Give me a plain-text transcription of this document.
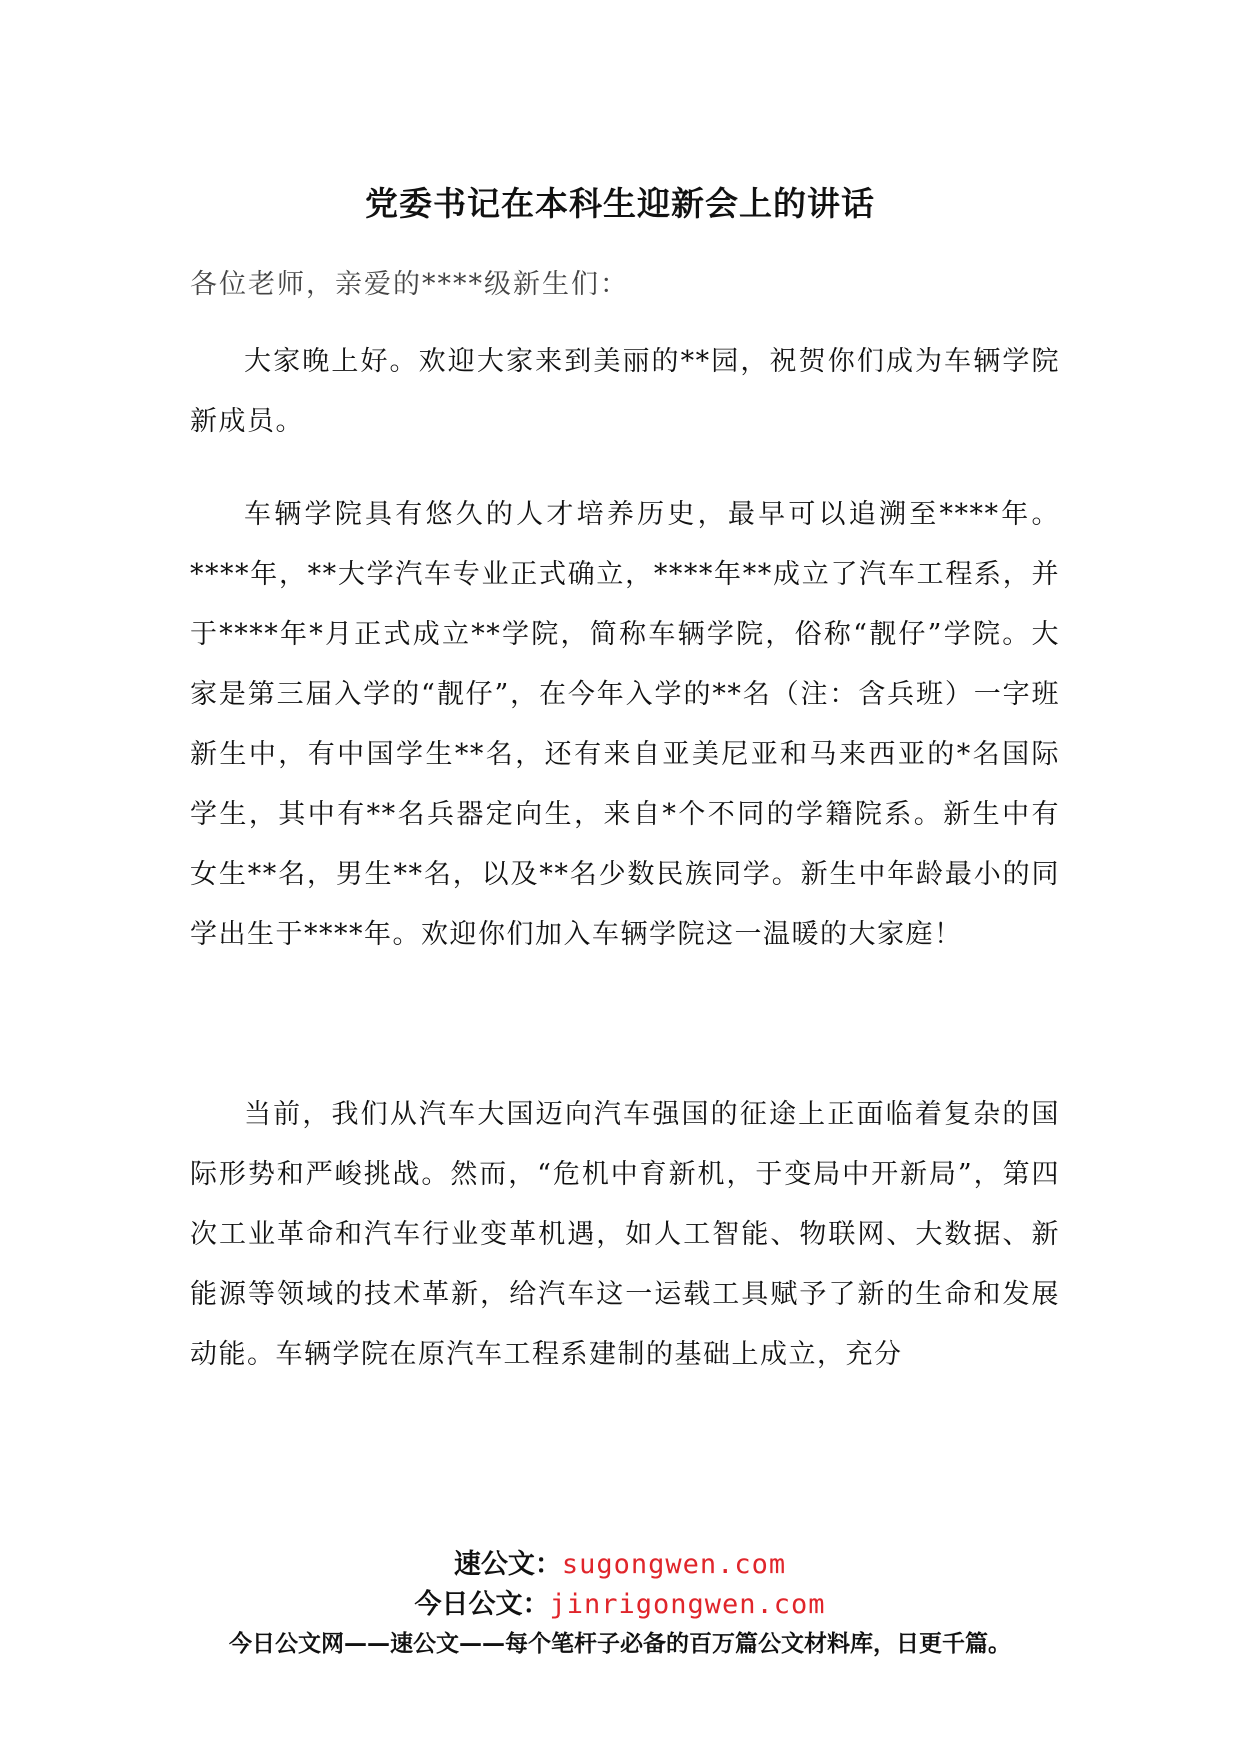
党委书记在本科生迎新会上的讲话
各位老师，亲爱的****级新生们：

大家晚上好。欢迎大家来到美丽的**园，祝贺你们成为车辆学院新成员。

车辆学院具有悠久的人才培养历史，最早可以追溯至****年。****年，**大学汽车专业正式确立，****年**成立了汽车工程系，并于****年*月正式成立**学院，简称车辆学院，俗称“靓仔”学院。大家是第三届入学的“靓仔”，在今年入学的**名（注：含兵班）一字班新生中，有中国学生**名，还有来自亚美尼亚和马来西亚的*名国际学生，其中有**名兵器定向生，来自*个不同的学籍院系。新生中有女生**名，男生**名，以及**名少数民族同学。新生中年龄最小的同学出生于****年。欢迎你们加入车辆学院这一温暖的大家庭！

当前，我们从汽车大国迈向汽车强国的征途上正面临着复杂的国际形势和严峻挑战。然而，“危机中育新机，于变局中开新局”，第四次工业革命和汽车行业变革机遇，如人工智能、物联网、大数据、新能源等领域的技术革新，给汽车这一运载工具赋予了新的生命和发展动能。车辆学院在原汽车工程系建制的基础上成立，充分

速公文：sugongwen.com
今日公文：jinrigongwen.com
今日公文网——速公文——每个笔杆子必备的百万篇公文材料库，日更千篇。
